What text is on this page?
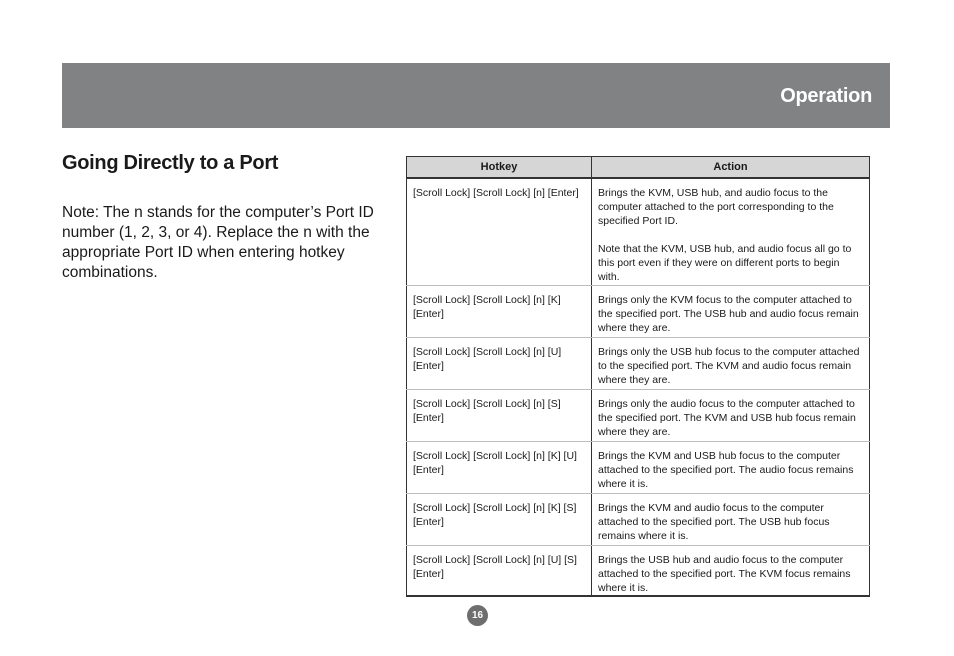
Operation
Going Directly to a Port

Note: The n stands for the computer’s Port ID number (1, 2, 3, or 4). Replace the n with the appropriate Port ID when entering hotkey combinations.

Hotkey	Action
[Scroll Lock] [Scroll Lock] [n] [Enter]	Brings the KVM, USB hub, and audio focus to the computer attached to the port corresponding to the specified Port ID.

Note that the KVM, USB hub, and audio focus all go to this port even if they were on different ports to begin with.

[Scroll Lock] [Scroll Lock] [n] [K] [Enter]	Brings only the KVM focus to the computer attached to the specified port. The USB hub and audio focus remain where they are.

[Scroll Lock] [Scroll Lock] [n] [U] [Enter]	Brings only the USB hub focus to the computer attached to the specified port. The KVM and audio focus remain where they are.

[Scroll Lock] [Scroll Lock] [n] [S] [Enter]	Brings only the audio focus to the computer attached to the specified port. The KVM and USB hub focus remain where they are.

[Scroll Lock] [Scroll Lock] [n] [K] [U] [Enter]	Brings the KVM and USB hub focus to the computer attached to the specified port. The audio focus remains where it is.

[Scroll Lock] [Scroll Lock] [n] [K] [S] [Enter]	Brings the KVM and audio focus to the computer attached to the specified port. The USB hub focus remains where it is.

[Scroll Lock] [Scroll Lock] [n] [U] [S] [Enter]	Brings the USB hub and audio focus to the computer attached to the specified port. The KVM focus remains where it is.

16
